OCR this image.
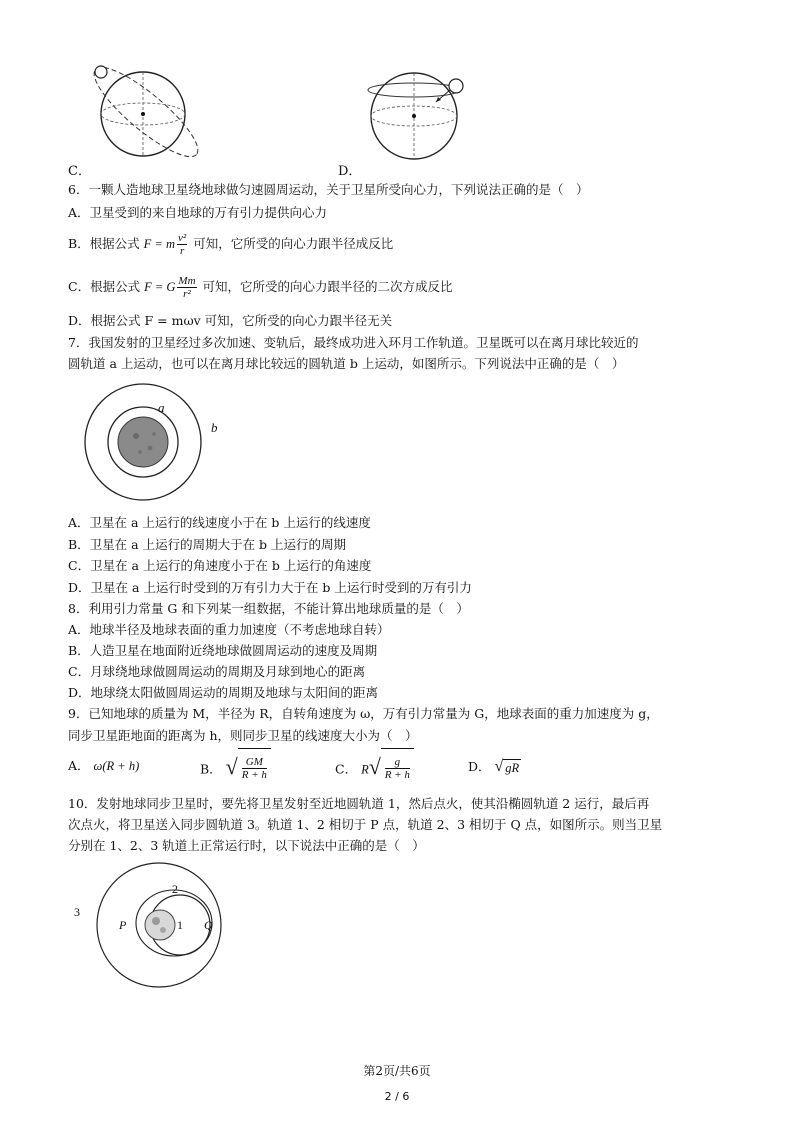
C．	D．
6．一颗人造地球卫星绕地球做匀速圆周运动，关于卫星所受向心力，下列说法正确的是（　）
A．卫星受到的来自地球的万有引力提供向心力
B．根据公式 F = m $\frac{\text{v²}}{r}$ 可知，它所受的向心力跟半径成反比
C．根据公式 F = G $\frac{Mm}{\text{r²}}$ 可知，它所受的向心力跟半径的二次方成反比
D．根据公式 F = mωv 可知，它所受的向心力跟半径无关
7．我国发射的卫星经过多次加速、变轨后，最终成功进入环月工作轨道。卫星既可以在离月球比较近的
圆轨道 a 上运动，也可以在离月球比较远的圆轨道 b 上运动，如图所示。下列说法中正确的是（　）
a
b
A．卫星在 a 上运行的线速度小于在 b 上运行的线速度
B．卫星在 a 上运行的周期大于在 b 上运行的周期
C．卫星在 a 上运行的角速度小于在 b 上运行的角速度
D．卫星在 a 上运行时受到的万有引力大于在 b 上运行时受到的万有引力
8．利用引力常量 G 和下列某一组数据，不能计算出地球质量的是（　）
A．地球半径及地球表面的重力加速度（不考虑地球自转）
B．人造卫星在地面附近绕地球做圆周运动的速度及周期
C．月球绕地球做圆周运动的周期及月球到地心的距离
D．地球绕太阳做圆周运动的周期及地球与太阳间的距离
9．已知地球的质量为 M，半径为 R，自转角速度为 ω，万有引力常量为 G，地球表面的重力加速度为 g，
同步卫星距地面的距离为 h，则同步卫星的线速度大小为（　）
A． ω(R + h)	B． √ $\frac{GM}{R + h}$	C． R √ $\frac{g}{R + h}$	D． √ gR
10．发射地球同步卫星时，要先将卫星发射至近地圆轨道 1，然后点火，使其沿椭圆轨道 2 运行，最后再
次点火，将卫星送入同步圆轨道 3。轨道 1、2 相切于 P 点，轨道 2、3 相切于 Q 点，如图所示。则当卫星
分别在 1、2、3 轨道上正常运行时，以下说法中正确的是（　）
3
2
1
P	Q
第2页/共6页
2 / 6
